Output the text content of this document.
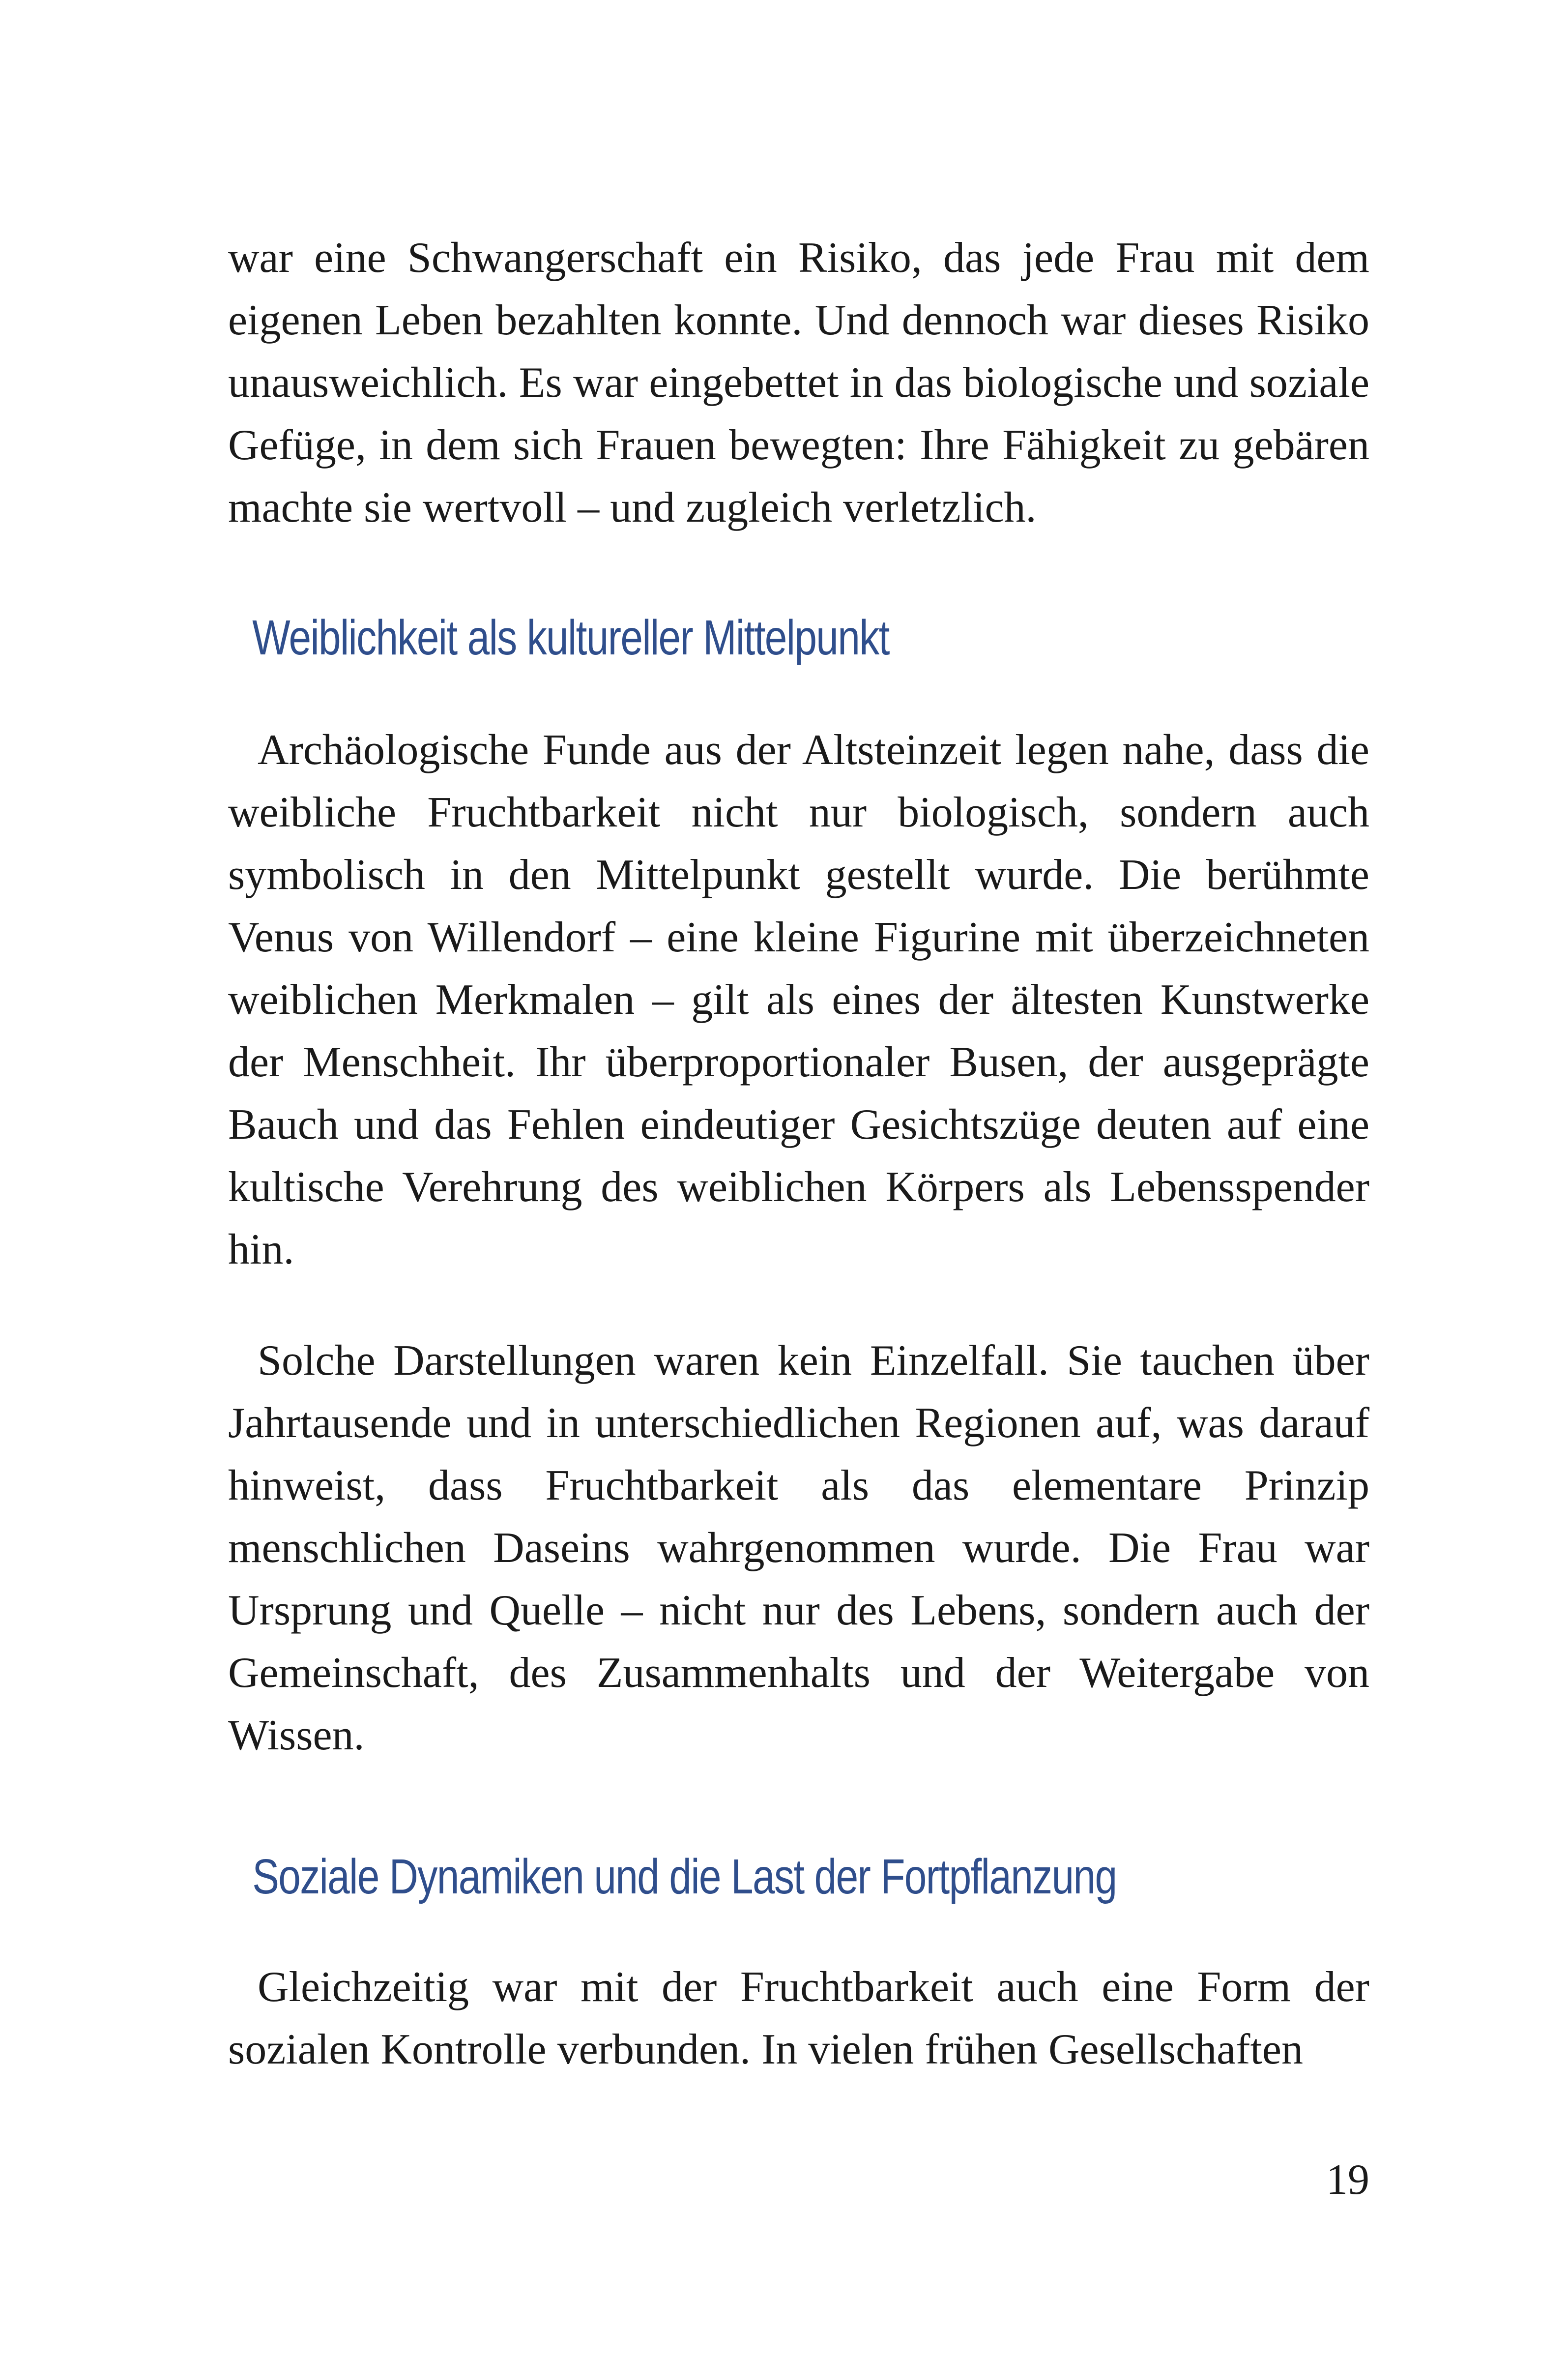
war eine Schwangerschaft ein Risiko, das jede Frau mit dem eigenen Leben bezahlten konnte. Und dennoch war dieses Risiko unausweichlich. Es war eingebettet in das biologische und soziale Gefüge, in dem sich Frauen bewegten: Ihre Fähigkeit zu gebären machte sie wertvoll – und zugleich verletzlich.

Weiblichkeit als kultureller Mittelpunkt

Archäologische Funde aus der Altsteinzeit legen nahe, dass die weibliche Fruchtbarkeit nicht nur biologisch, sondern auch symbolisch in den Mittelpunkt gestellt wurde. Die berühmte Venus von Willendorf – eine kleine Figurine mit überzeichneten weiblichen Merkmalen – gilt als eines der ältesten Kunstwerke der Menschheit. Ihr überproportionaler Busen, der ausgeprägte Bauch und das Fehlen eindeutiger Gesichtszüge deuten auf eine kultische Verehrung des weiblichen Körpers als Lebensspender hin.

Solche Darstellungen waren kein Einzelfall. Sie tauchen über Jahrtausende und in unterschiedlichen Regionen auf, was darauf hinweist, dass Fruchtbarkeit als das elementare Prinzip menschlichen Daseins wahrgenommen wurde. Die Frau war Ursprung und Quelle – nicht nur des Lebens, sondern auch der Gemeinschaft, des Zusammenhalts und der Weitergabe von Wissen.

Soziale Dynamiken und die Last der Fortpflanzung

Gleichzeitig war mit der Fruchtbarkeit auch eine Form der sozialen Kontrolle verbunden. In vielen frühen Gesellschaften

19
